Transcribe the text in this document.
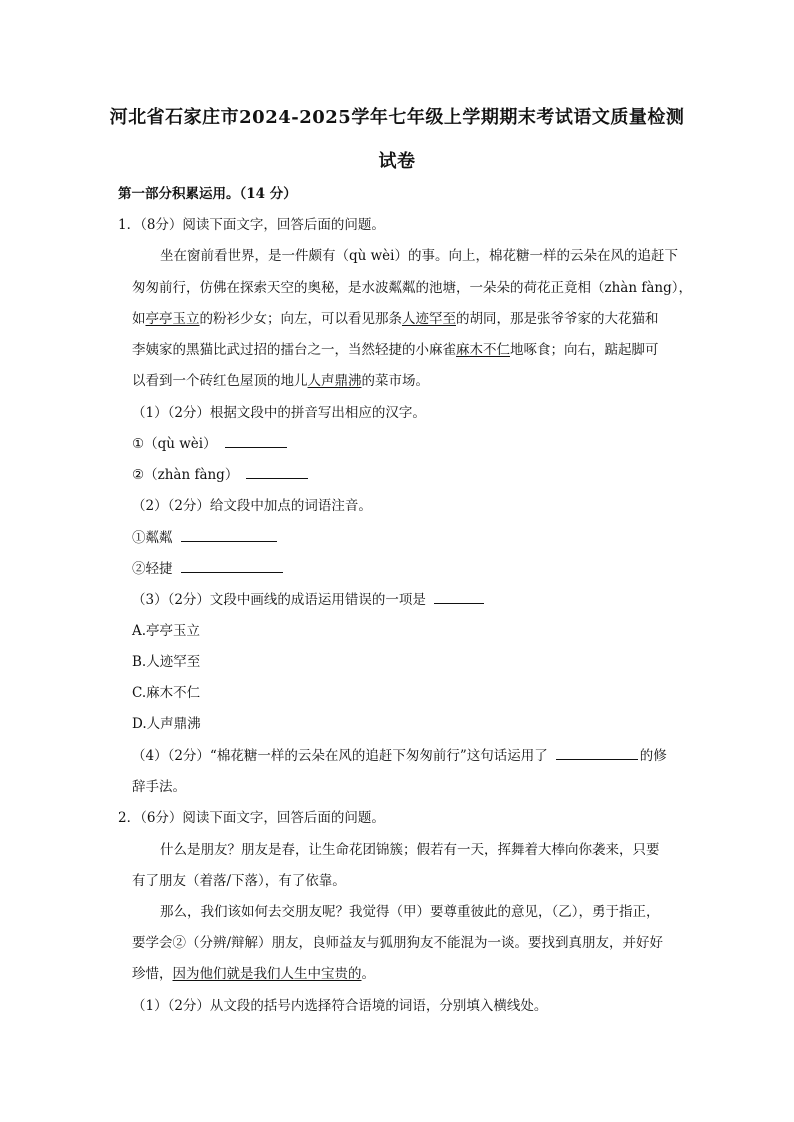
河北省石家庄市2024-2025学年七年级上学期期末考试语文质量检测
试卷
第一部分积累运用。（14 分）
1．（8分）阅读下面文字，回答后面的问题。
坐在窗前看世界，是一件颇有（qù wèi）的事。向上，棉花糖一样的云朵在风的追赶下
匆匆前行，仿佛在探索天空的奥秘，是水波粼粼的池塘，一朵朵的荷花正竟相（zhàn fàng），
如亭亭玉立的粉衫少女；向左，可以看见那条人迹罕至的胡同，那是张爷爷家的大花猫和
李姨家的黑猫比武过招的擂台之一，当然轻捷的小麻雀麻木不仁地啄食；向右，踮起脚可
以看到一个砖红色屋顶的地儿人声鼎沸的菜市场。
（1）（2分）根据文段中的拼音写出相应的汉字。
①（qù wèi）
②（zhàn fàng）
（2）（2分）给文段中加点的词语注音。
①粼粼
②轻捷
（3）（2分）文段中画线的成语运用错误的一项是
A.亭亭玉立
B.人迹罕至
C.麻木不仁
D.人声鼎沸
（4）（2分）“棉花糖一样的云朵在风的追赶下匆匆前行”这句话运用了	的修
辞手法。
2．（6分）阅读下面文字，回答后面的问题。
什么是朋友？朋友是春，让生命花团锦簇；假若有一天，挥舞着大棒向你袭来，只要
有了朋友（着落/下落），有了依靠。
那么，我们该如何去交朋友呢？我觉得（甲）要尊重彼此的意见，（乙），勇于指正，
要学会②（分辨/辩解）朋友，良师益友与狐朋狗友不能混为一谈。要找到真朋友，并好好
珍惜，因为他们就是我们人生中宝贵的。
（1）（2分）从文段的括号内选择符合语境的词语，分别填入横线处。
